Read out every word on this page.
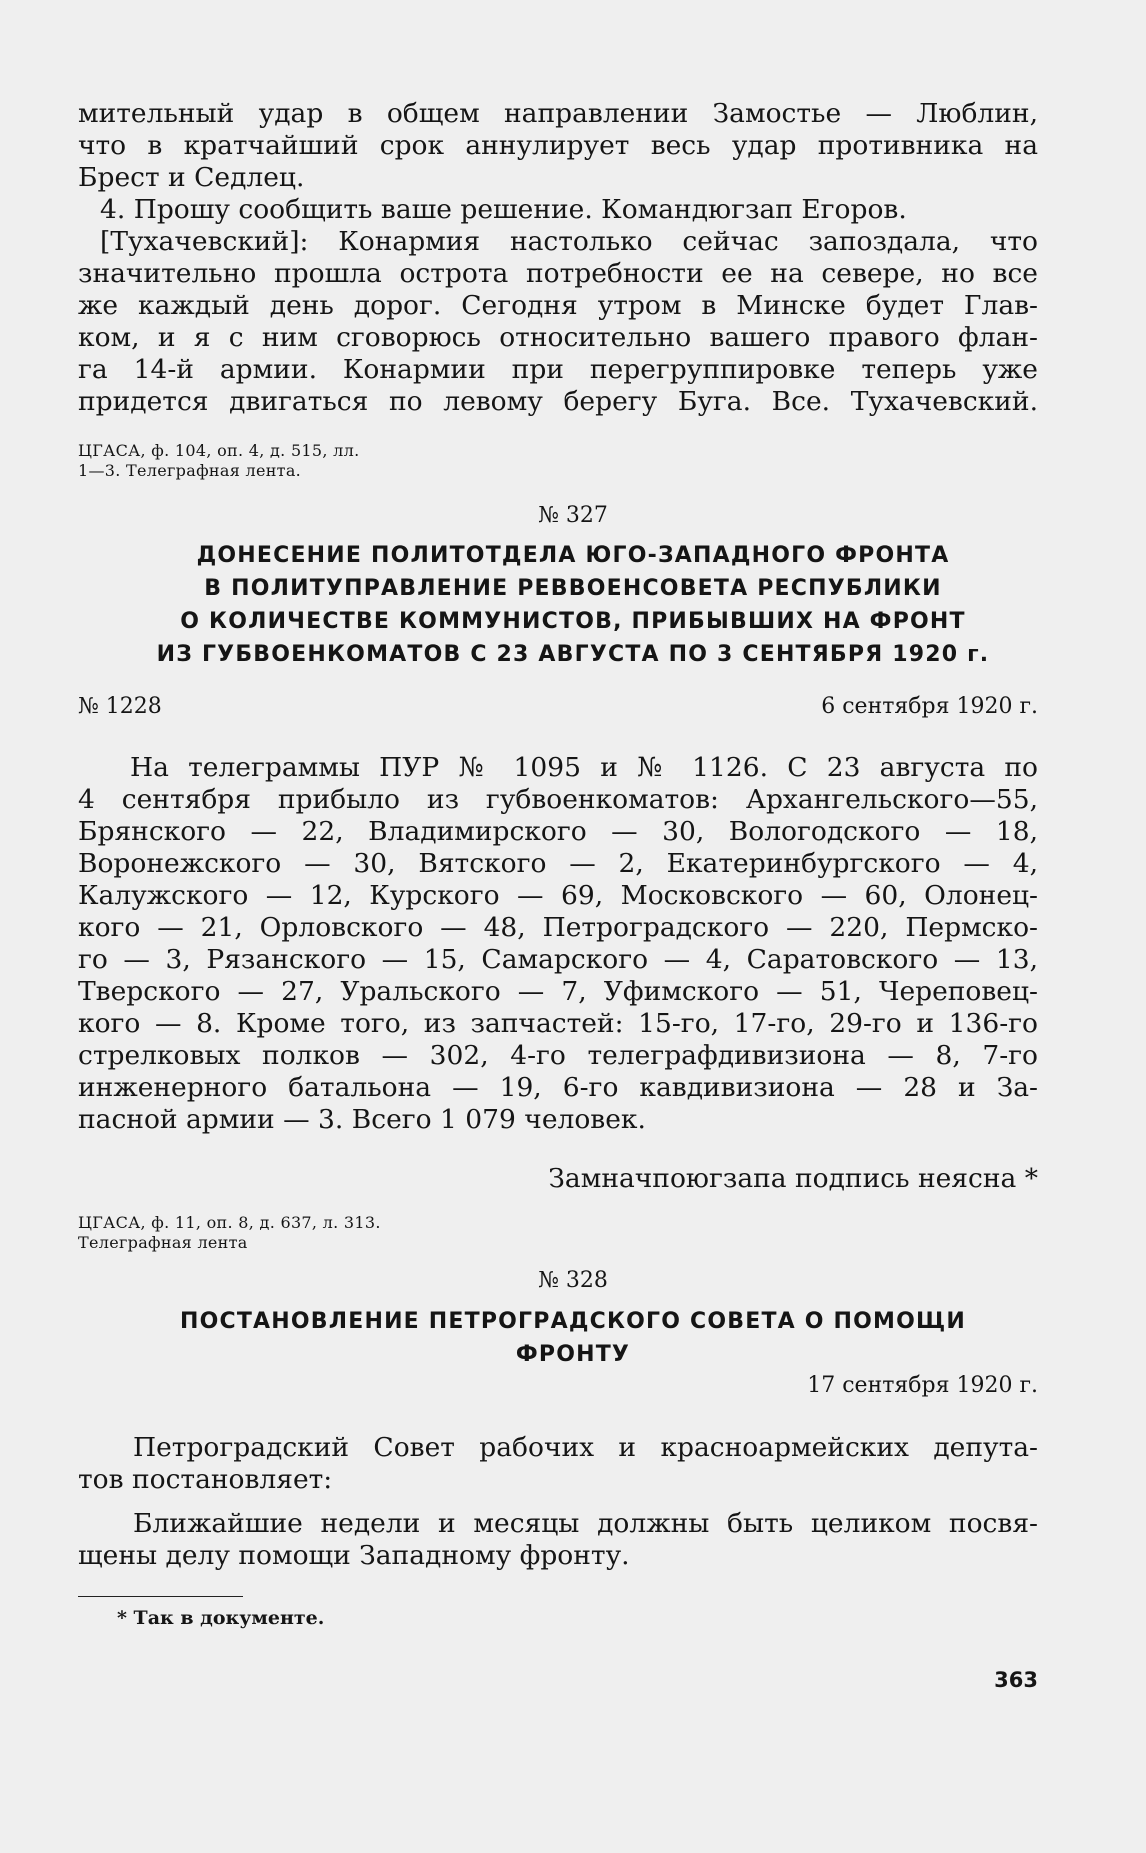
мительный удар в общем направлении Замостье — Люблин,
что в кратчайший срок аннулирует весь удар противника на
Брест и Седлец.
4. Прошу сообщить ваше решение. Командюгзап Егоров.
[Тухачевский]: Конармия настолько сейчас запоздала, что
значительно прошла острота потребности ее на севере, но все
же каждый день дорог. Сегодня утром в Минске будет Глав-
ком, и я с ним сговорюсь относительно вашего правого флан-
га 14-й армии. Конармии при перегруппировке теперь уже
придется двигаться по левому берегу Буга. Все. Тухачевский.
ЦГАСА, ф. 104, оп. 4, д. 515, лл.
1—3. Телеграфная лента.
№ 327
ДОНЕСЕНИЕ ПОЛИТОТДЕЛА ЮГО-ЗАПАДНОГО ФРОНТА
В ПОЛИТУПРАВЛЕНИЕ РЕВВОЕНСОВЕТА РЕСПУБЛИКИ
О КОЛИЧЕСТВЕ КОММУНИСТОВ, ПРИБЫВШИХ НА ФРОНТ
ИЗ ГУБВОЕНКОМАТОВ С 23 АВГУСТА ПО 3 СЕНТЯБРЯ 1920 г.
№ 1228	6 сентября 1920 г.
На телеграммы ПУР № 1095 и № 1126. С 23 августа по
4 сентября прибыло из губвоенкоматов: Архангельского—55,
Брянского — 22, Владимирского — 30, Вологодского — 18,
Воронежского — 30, Вятского — 2, Екатеринбургского — 4,
Калужского — 12, Курского — 69, Московского — 60, Олонец-
кого — 21, Орловского — 48, Петроградского — 220, Пермско-
го — 3, Рязанского — 15, Самарского — 4, Саратовского — 13,
Тверского — 27, Уральского — 7, Уфимского — 51, Череповец-
кого — 8. Кроме того, из запчастей: 15-го, 17-го, 29-го и 136-го
стрелковых полков — 302, 4-го телеграфдивизиона — 8, 7-го
инженерного батальона — 19, 6-го кавдивизиона — 28 и За-
пасной армии — 3. Всего 1 079 человек.
Замначпоюгзапа подпись неясна *
ЦГАСА, ф. 11, оп. 8, д. 637, л. 313.
Телеграфная лента
№ 328
ПОСТАНОВЛЕНИЕ ПЕТРОГРАДСКОГО СОВЕТА О ПОМОЩИ
ФРОНТУ
17 сентября 1920 г.
Петроградский Совет рабочих и красноармейских депута-
тов постановляет:
Ближайшие недели и месяцы должны быть целиком посвя-
щены делу помощи Западному фронту.
* Так в документе.
363
